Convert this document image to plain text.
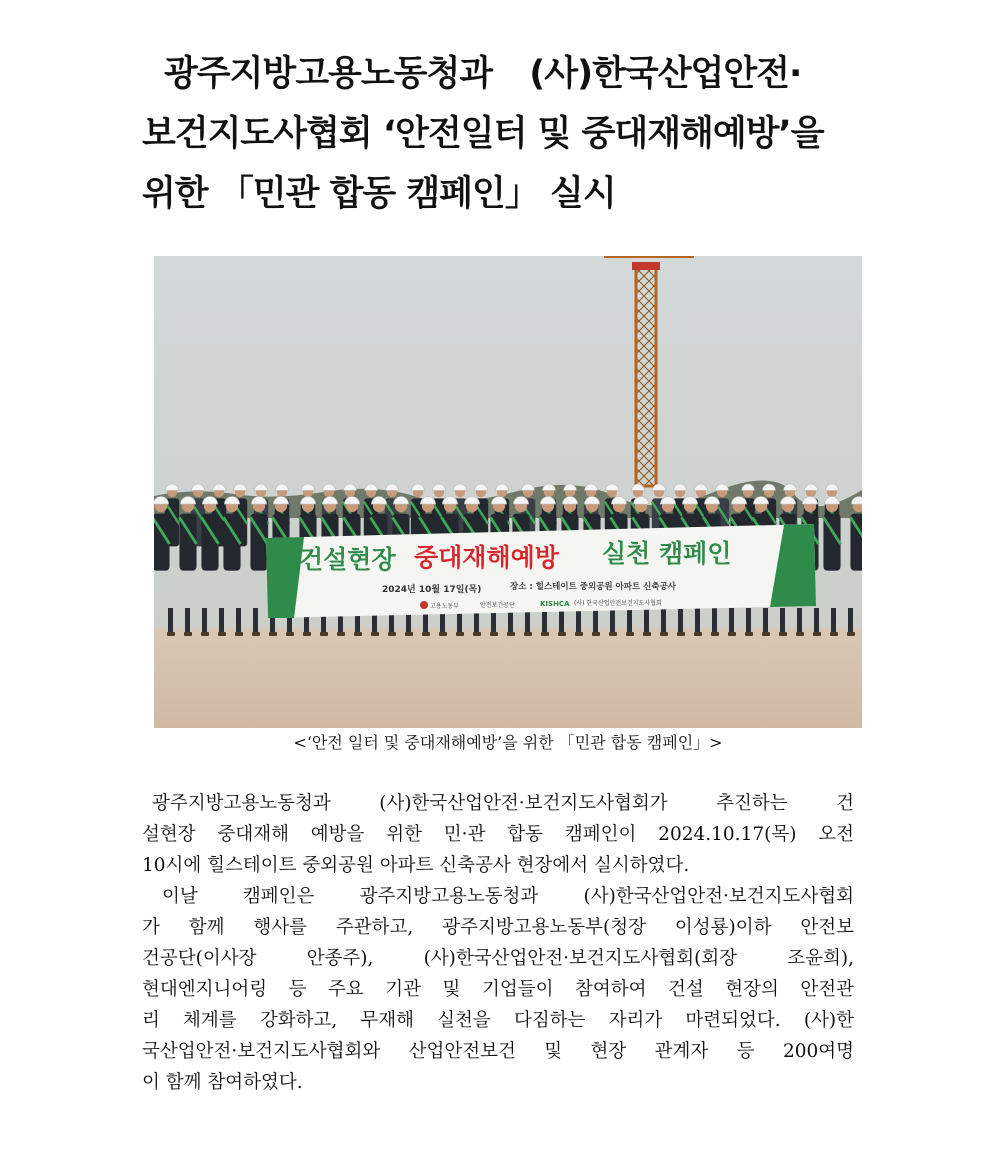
광주지방고용노동청과 (사)한국산업안전·
보건지도사협회 ‘안전일터 및 중대재해예방’을
위한 「민관 합동 캠페인」 실시
건설현장 중대재해예방 실천 캠페인
2024년 10월 17일(목)	장소 : 힐스테이트 중외공원 아파트 신축공사
고용노동부	안전보건공단	KISHCA (사) 한국산업안전보건지도사협회
<‘안전 일터 및 중대재해예방’을 위한 「민관 합동 캠페인」>

광주지방고용노동청과 (사)한국산업안전·보건지도사협회가 추진하는 건

설현장 중대재해 예방을 위한 민·관 합동 캠페인이 2024.10.17(목) 오전

10시에 힐스테이트 중외공원 아파트 신축공사 현장에서 실시하였다.

이날 캠페인은 광주지방고용노동청과 (사)한국산업안전·보건지도사협회

가 함께 행사를 주관하고, 광주지방고용노동부(청장 이성룡)이하 안전보

건공단(이사장 안종주), (사)한국산업안전·보건지도사협회(회장 조윤희),

현대엔지니어링 등 주요 기관 및 기업들이 참여하여 건설 현장의 안전관

리 체계를 강화하고, 무재해 실천을 다짐하는 자리가 마련되었다. (사)한

국산업안전·보건지도사협회와 산업안전보건 및 현장 관계자 등 200여명

이 함께 참여하였다.
